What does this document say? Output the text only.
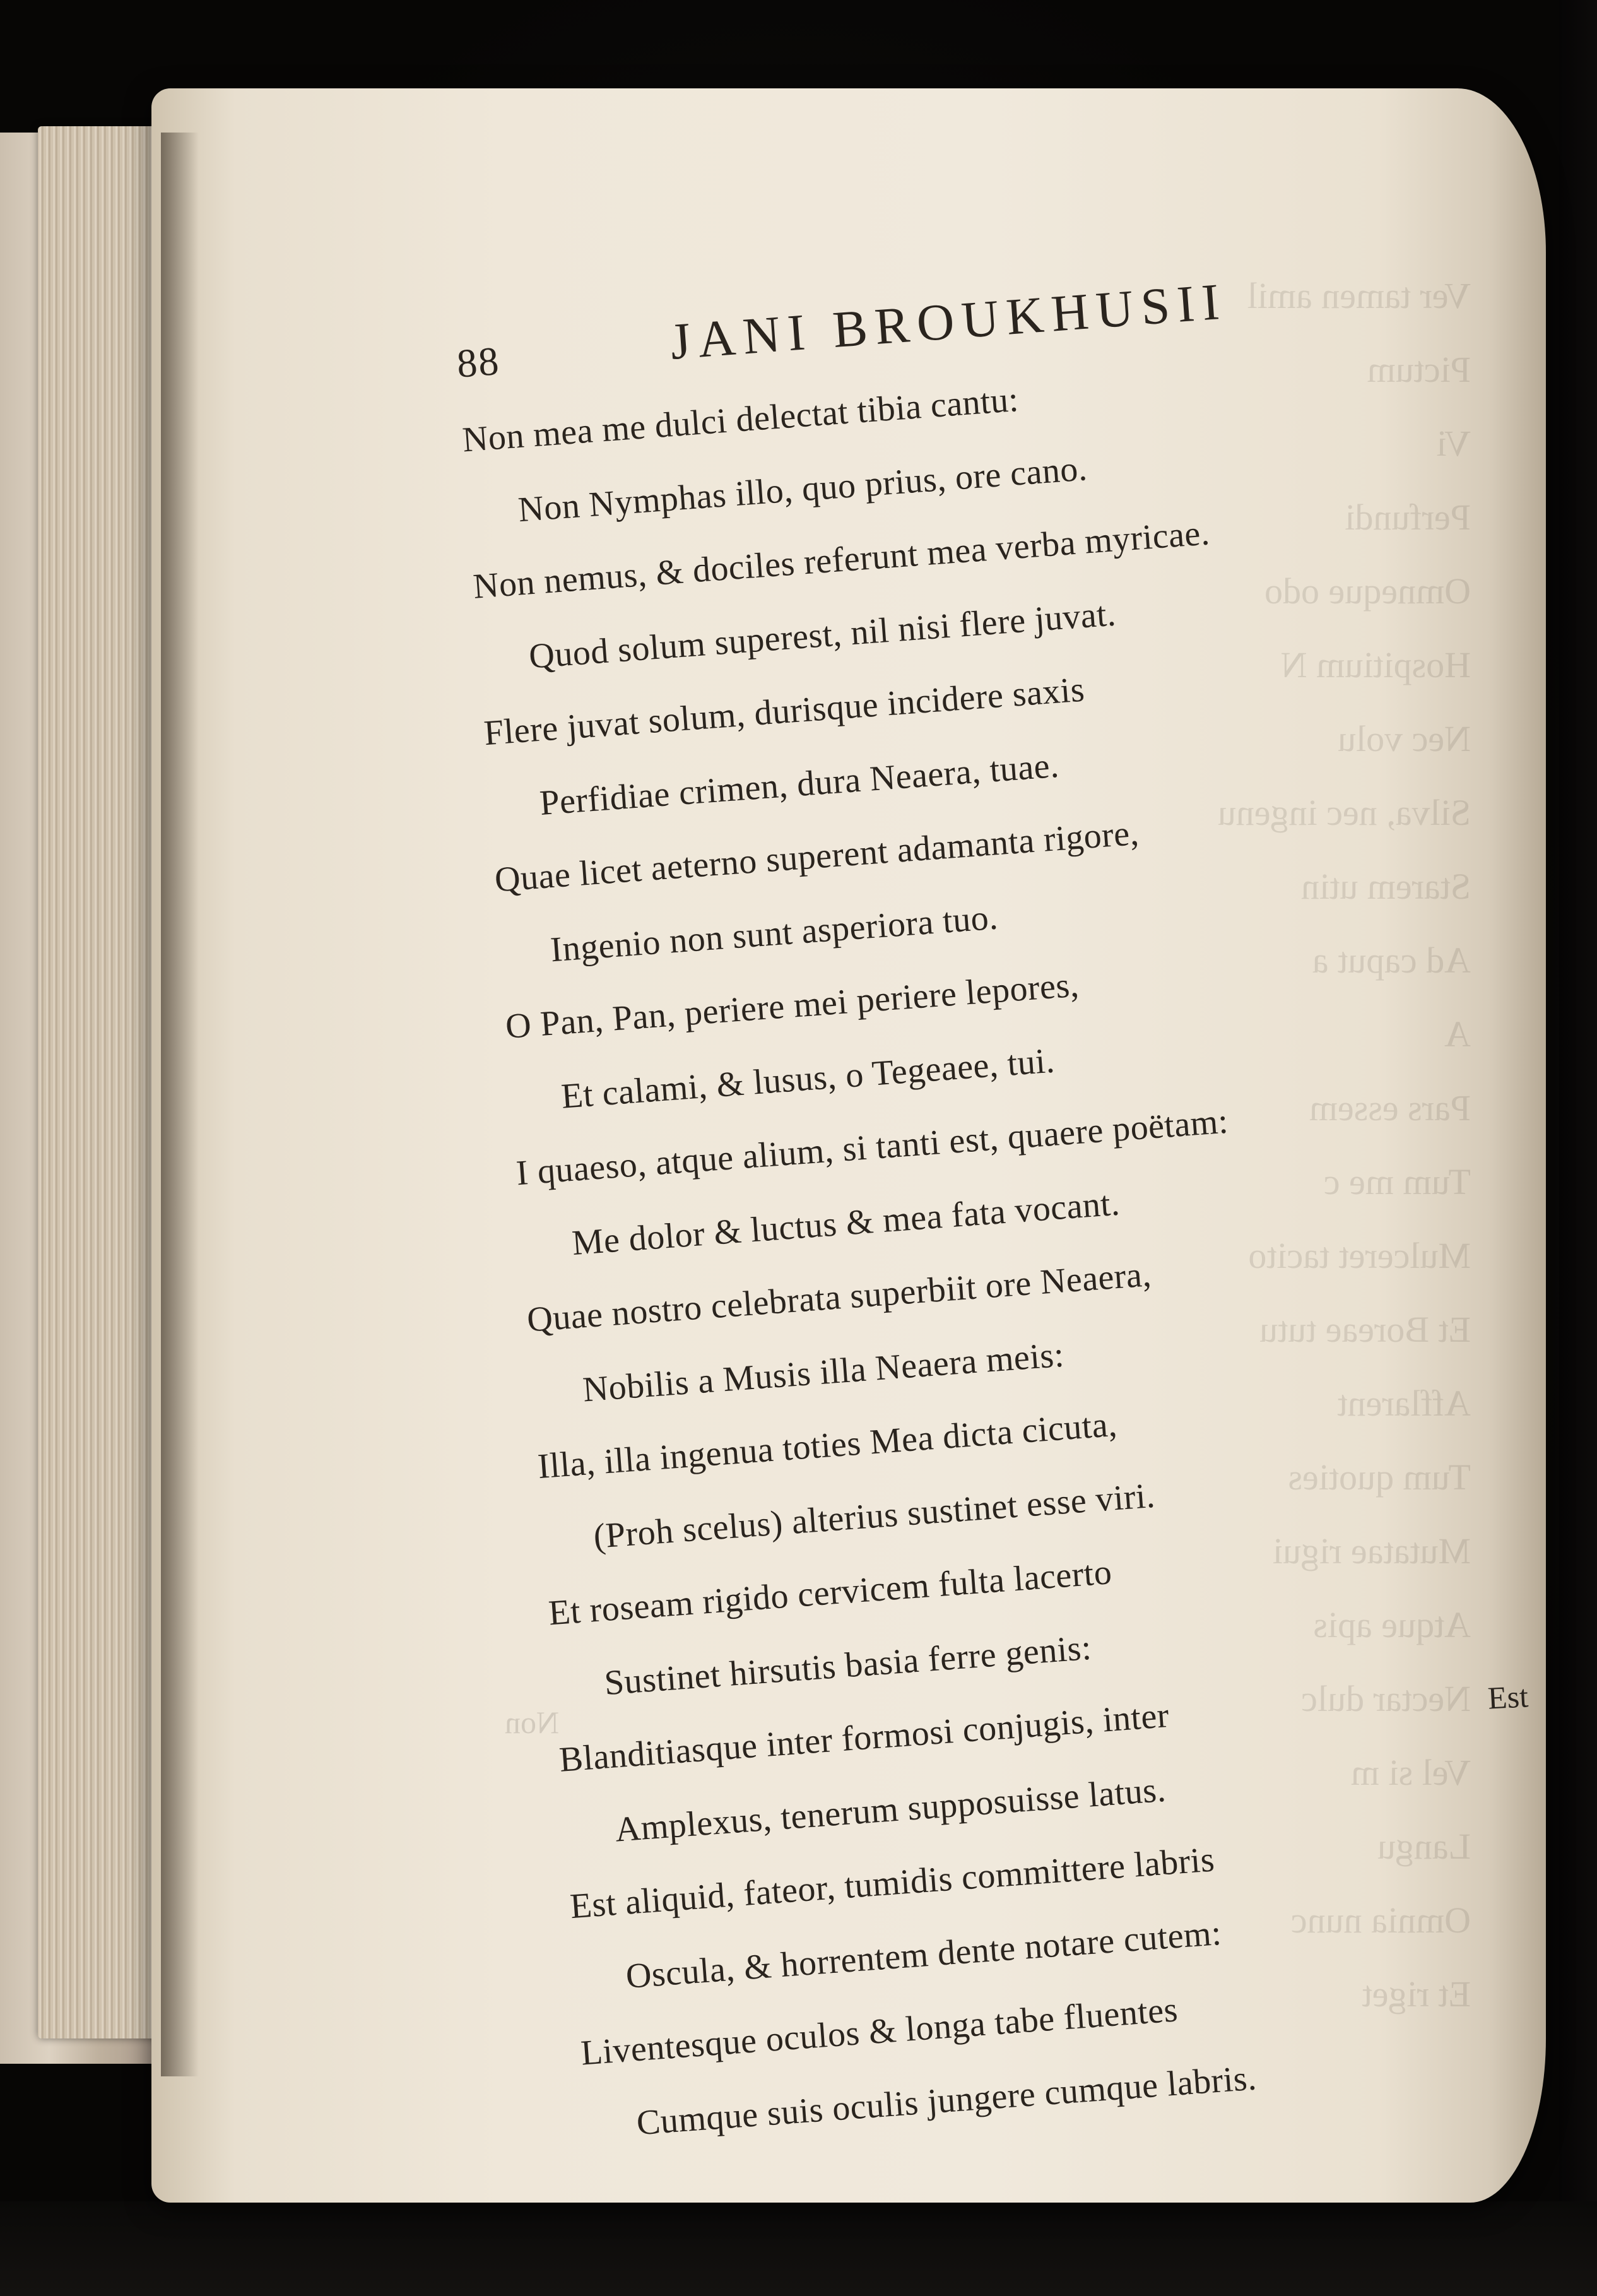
Ver tamen amil
Pictum
Vi
Perfundi
Omneque odo
Hospitium N
Nec volu
Silva, nec ingenu
Starem utin
Ad caput a
A
Pars essem
Tum me c
Mulceret tacito
Et Boreae tutu
Afflarent
Tum quoties
Mutatae rigui
Atque apis
Nectar dulc
Vel si m
Langu
Omnia nunc
Et riget
Non
88	JANI BROUKHUSII
Non mea me dulci delectat tibia cantu:
Non Nymphas illo, quo prius, ore cano.
Non nemus, & dociles referunt mea verba myricae.
Quod solum superest, nil nisi flere juvat.
Flere juvat solum, durisque incidere saxis
Perfidiae crimen, dura Neaera, tuae.
Quae licet aeterno superent adamanta rigore,
Ingenio non sunt asperiora tuo.
O Pan, Pan, periere mei periere lepores,
Et calami, & lusus, o Tegeaee, tui.
I quaeso, atque alium, si tanti est, quaere poëtam:
Me dolor & luctus & mea fata vocant.
Quae nostro celebrata superbiit ore Neaera,
Nobilis a Musis illa Neaera meis:
Illa, illa ingenua toties Mea dicta cicuta,
(Proh scelus) alterius sustinet esse viri.
Et roseam rigido cervicem fulta lacerto
Sustinet hirsutis basia ferre genis:
Blanditiasque inter formosi conjugis, inter
Amplexus, tenerum supposuisse latus.
Est aliquid, fateor, tumidis committere labris
Oscula, & horrentem dente notare cutem:
Liventesque oculos & longa tabe fluentes
Cumque suis oculis jungere cumque labris.
Est
